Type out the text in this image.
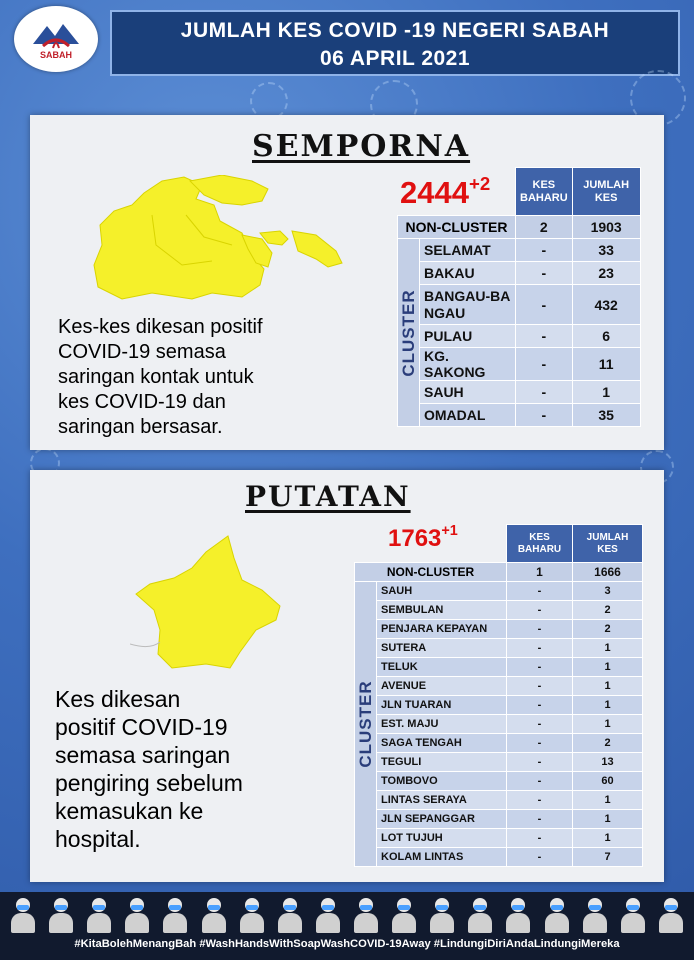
SABAH
JUMLAH KES COVID -19 NEGERI SABAH
06 APRIL 2021
SEMPORNA
$2444^{+2}$
		KES BAHARU	JUMLAH KES
NON-CLUSTER		2	1903

CLUSTER	SELAMAT	-	33
	BAKAU	-	23
	BANGAU-BANGAU	-	432
	PULAU	-	6
	KG. SAKONG	-	11
	SAUH	-	1
	OMADAL	-	35
Kes-kes dikesan positif
COVID-19 semasa
saringan kontak untuk
kes COVID-19 dan
saringan bersasar.
PUTATAN
$1763^{+1}$
		KES BAHARU	JUMLAH KES
NON-CLUSTER		1	1666

CLUSTER	SAUH	-	3
	SEMBULAN	-	2
	PENJARA KEPAYAN	-	2
	SUTERA	-	1
	TELUK	-	1
	AVENUE	-	1
	JLN TUARAN	-	1
	EST. MAJU	-	1
	SAGA TENGAH	-	2
	TEGULI	-	13
	TOMBOVO	-	60
	LINTAS SERAYA	-	1
	JLN SEPANGGAR	-	1
	LOT TUJUH	-	1
	KOLAM LINTAS	-	7
Kes dikesan
positif COVID-19
semasa saringan
pengiring sebelum
kemasukan ke
hospital.
#KitaBolehMenangBah #WashHandsWithSoapWashCOVID-19Away #LindungiDiriAndaLindungiMereka
